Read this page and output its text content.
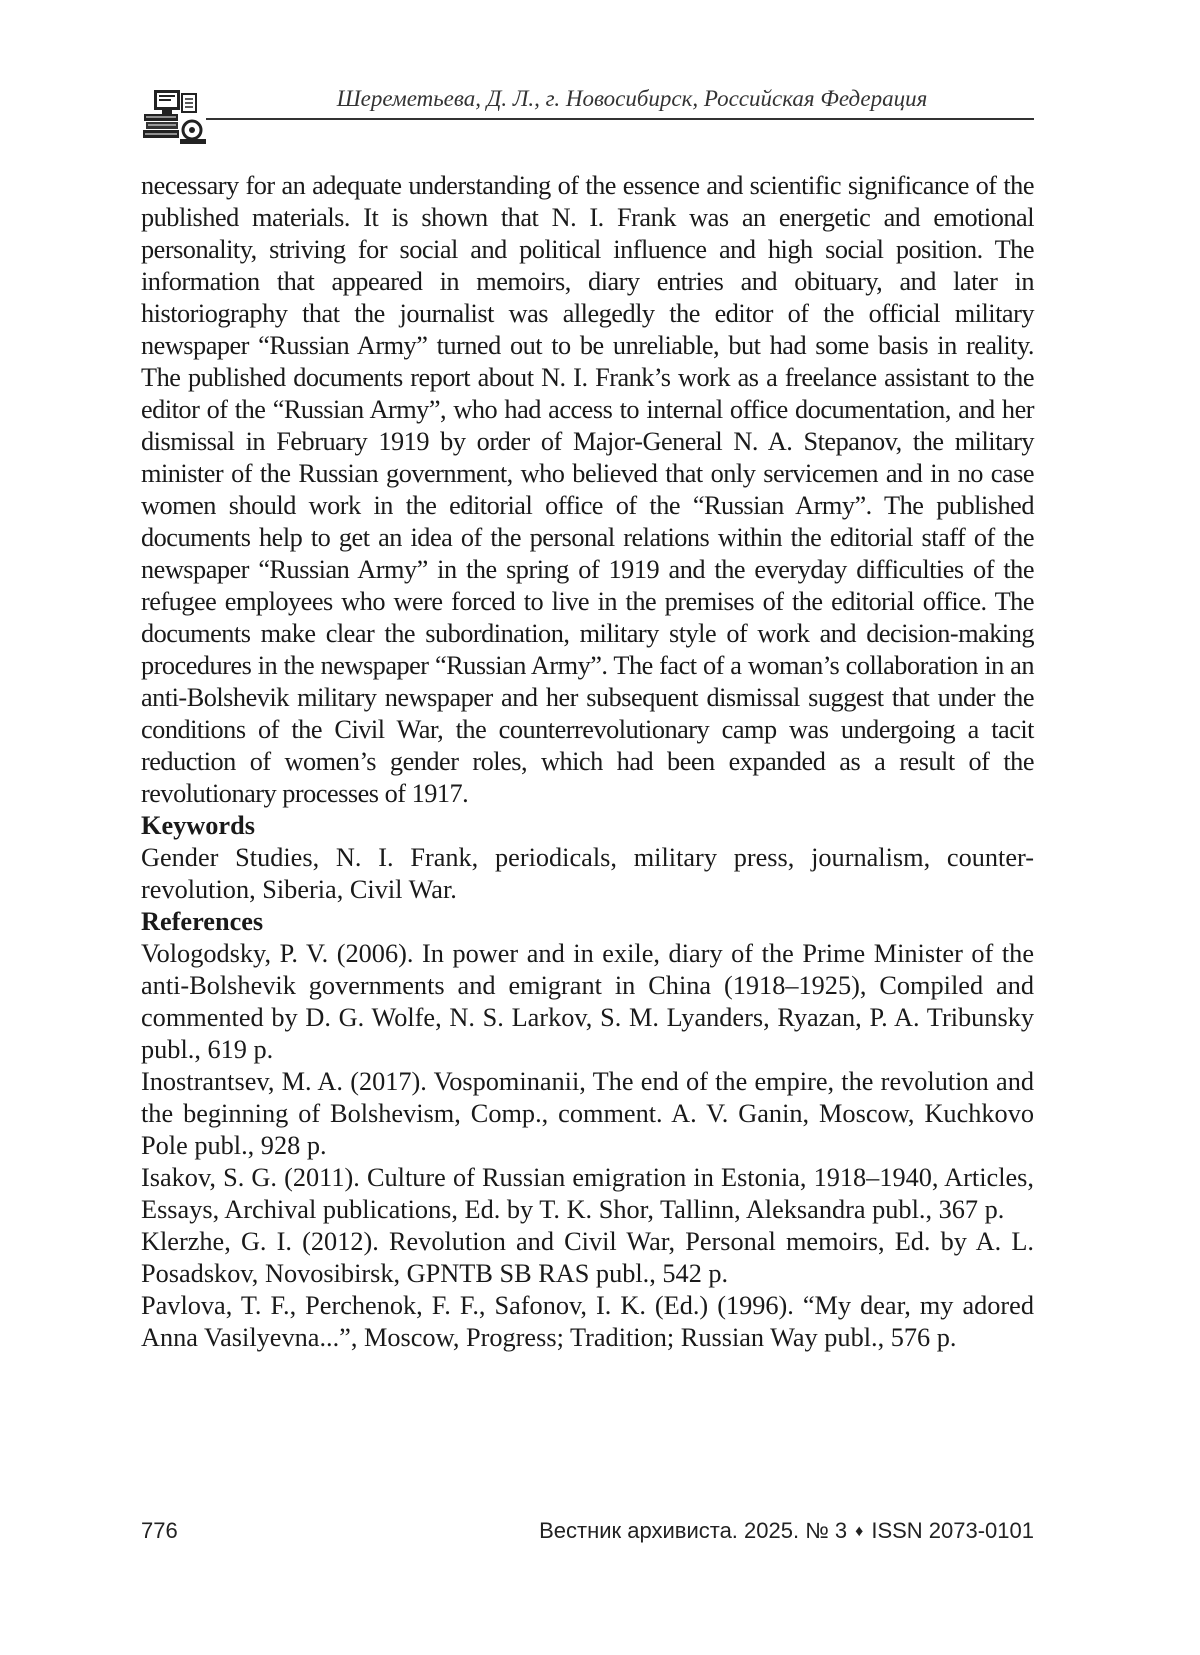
Шереметьева, Д. Л., г. Новосибирск, Российская Федерация

necessary for an adequate understanding of the essence and scientific significance of the published materials. It is shown that N. I. Frank was an energetic and emotional personality, striving for social and political influence and high social position. The information that appeared in memoirs, diary entries and obituary, and later in historiography that the journalist was allegedly the editor of the official military newspaper “Russian Army” turned out to be unreliable, but had some basis in reality. The published documents report about N. I. Frank’s work as a freelance assistant to the editor of the “Russian Army”, who had access to internal office documentation, and her dismissal in February 1919 by order of Major-General N. A. Stepanov, the military minister of the Russian government, who believed that only servicemen and in no case women should work in the editorial office of the “Russian Army”. The published documents help to get an idea of the personal relations within the editorial staff of the newspaper “Russian Army” in the spring of 1919 and the everyday difficulties of the refugee employees who were forced to live in the premises of the editorial office. The documents make clear the subordination, military style of work and decision-making procedures in the newspaper “Russian Army”. The fact of a woman’s collaboration in an anti-Bolshevik military newspaper and her subsequent dismissal suggest that under the conditions of the Civil War, the counterrevolutionary camp was undergoing a tacit reduction of women’s gender roles, which had been expanded as a result of the revolutionary processes of 1917.

Keywords

Gender Studies, N. I. Frank, periodicals, military press, journalism, counter-revolution, Siberia, Civil War.

References

Vologodsky, P. V. (2006). In power and in exile, diary of the Prime Minister of the anti-Bolshevik governments and emigrant in China (1918–1925), Compiled and commented by D. G. Wolfe, N. S. Larkov, S. M. Lyanders, Ryazan, P. A. Tribunsky publ., 619 p.

Inostrantsev, M. A. (2017). Vospominanii, The end of the empire, the revolution and the beginning of Bolshevism, Comp., comment. A. V. Ganin, Moscow, Kuchkovo Pole publ., 928 p.

Isakov, S. G. (2011). Culture of Russian emigration in Estonia, 1918–1940, Articles, Essays, Archival publications, Ed. by T. K. Shor, Tallinn, Aleksandra publ., 367 p.

Klerzhe, G. I. (2012). Revolution and Civil War, Personal memoirs, Ed. by A. L. Posadskov, Novosibirsk, GPNTB SB RAS publ., 542 p.

Pavlova, T. F., Perchenok, F. F., Safonov, I. K. (Ed.) (1996). “My dear, my adored Anna Vasilyevna...”, Moscow, Progress; Tradition; Russian Way publ., 576 p.

776	Вестник архивиста. 2025. № 3 ♦ ISSN 2073-0101
